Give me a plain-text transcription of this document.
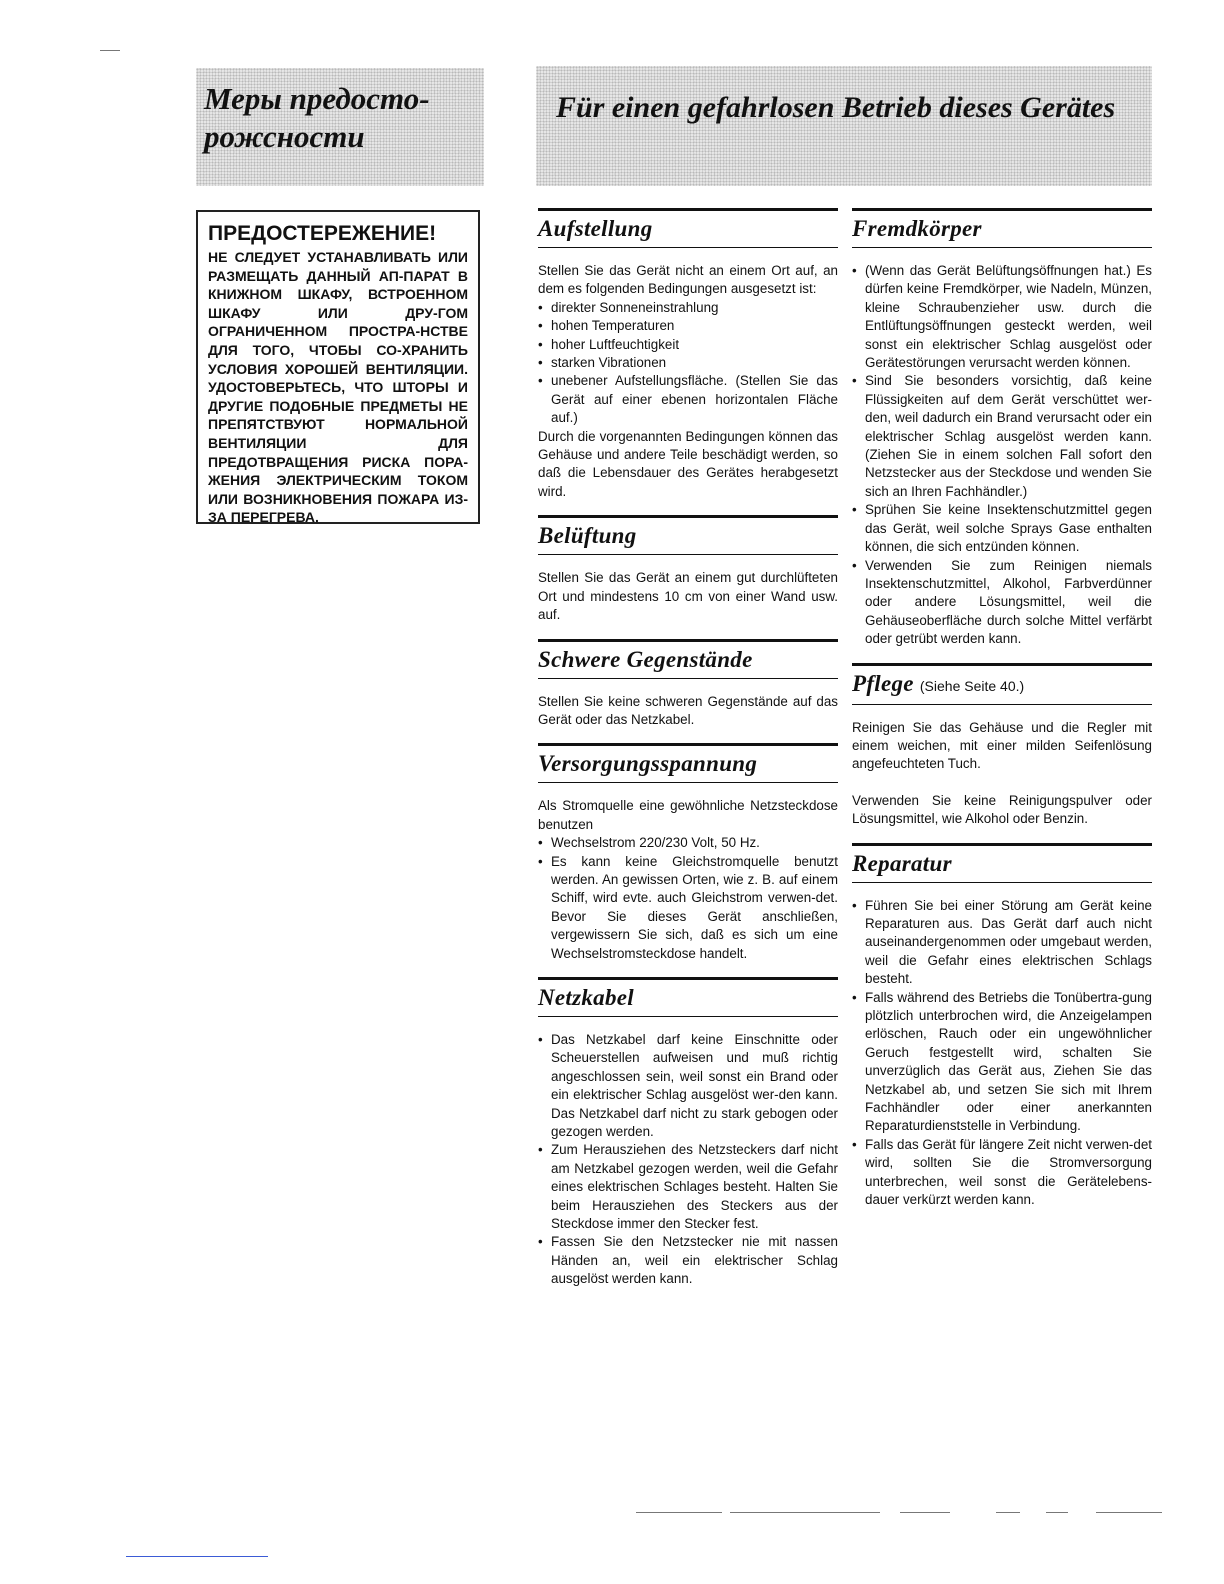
Меры предосто-рожсности
Für einen gefahrlosen Betrieb dieses Gerätes
ПРЕДОСТЕРЕЖЕНИЕ!

НЕ СЛЕДУЕТ УСТАНАВЛИВАТЬ ИЛИ РАЗМЕЩАТЬ ДАННЫЙ АП-ПАРАТ В КНИЖНОМ ШКАФУ, ВСТРОЕННОМ ШКАФУ ИЛИ ДРУ-ГОМ ОГРАНИЧЕННОМ ПРОСТРА-НСТВЕ ДЛЯ ТОГО, ЧТОБЫ СО-ХРАНИТЬ УСЛОВИЯ ХОРОШЕЙ ВЕНТИЛЯЦИИ. УДОСТОВЕРЬТЕСЬ, ЧТО ШТОРЫ И ДРУГИЕ ПОДОБНЫЕ ПРЕДМЕТЫ НЕ ПРЕПЯТСТВУЮТ НОРМАЛЬНОЙ ВЕНТИЛЯЦИИ ДЛЯ ПРЕДОТВРАЩЕНИЯ РИСКА ПОРА-ЖЕНИЯ ЭЛЕКТРИЧЕСКИМ ТОКОМ ИЛИ ВОЗНИКНОВЕНИЯ ПОЖАРА ИЗ-ЗА ПЕРЕГРЕВА.

Aufstellung

Stellen Sie das Gerät nicht an einem Ort auf, an dem es folgenden Bedingungen ausgesetzt ist:

• direkter Sonneneinstrahlung
• hohen Temperaturen
• hoher Luftfeuchtigkeit
• starken Vibrationen
• unebener Aufstellungsfläche. (Stellen Sie das Gerät auf einer ebenen horizontalen Fläche auf.)

Durch die vorgenannten Bedingungen können das Gehäuse und andere Teile beschädigt werden, so daß die Lebensdauer des Gerätes herabgesetzt wird.

Belüftung

Stellen Sie das Gerät an einem gut durchlüfteten Ort und mindestens 10 cm von einer Wand usw. auf.

Schwere Gegenstände

Stellen Sie keine schweren Gegenstände auf das Gerät oder das Netzkabel.

Versorgungsspannung

Als Stromquelle eine gewöhnliche Netzsteckdose benutzen

• Wechselstrom 220/230 Volt, 50 Hz.
• Es kann keine Gleichstromquelle benutzt werden. An gewissen Orten, wie z. B. auf einem Schiff, wird evte. auch Gleichstrom verwen-det. Bevor Sie dieses Gerät anschließen, vergewissern Sie sich, daß es sich um eine Wechselstromsteckdose handelt.
Netzkabel
• Das Netzkabel darf keine Einschnitte oder Scheuerstellen aufweisen und muß richtig angeschlossen sein, weil sonst ein Brand oder ein elektrischer Schlag ausgelöst wer-den kann. Das Netzkabel darf nicht zu stark gebogen oder gezogen werden.
• Zum Herausziehen des Netzsteckers darf nicht am Netzkabel gezogen werden, weil die Gefahr eines elektrischen Schlages besteht. Halten Sie beim Herausziehen des Steckers aus der Steckdose immer den Stecker fest.
• Fassen Sie den Netzstecker nie mit nassen Händen an, weil ein elektrischer Schlag ausgelöst werden kann.
Fremdkörper
• (Wenn das Gerät Belüftungsöffnungen hat.) Es dürfen keine Fremdkörper, wie Nadeln, Münzen, kleine Schraubenzieher usw. durch die Entlüftungsöffnungen gesteckt werden, weil sonst ein elektrischer Schlag ausgelöst oder Gerätestörungen verursacht werden können.
• Sind Sie besonders vorsichtig, daß keine Flüssigkeiten auf dem Gerät verschüttet wer-den, weil dadurch ein Brand verursacht oder ein elektrischer Schlag ausgelöst werden kann. (Ziehen Sie in einem solchen Fall sofort den Netzstecker aus der Steckdose und wenden Sie sich an Ihren Fachhändler.)
• Sprühen Sie keine Insektenschutzmittel gegen das Gerät, weil solche Sprays Gase enthalten können, die sich entzünden können.
• Verwenden Sie zum Reinigen niemals Insektenschutzmittel, Alkohol, Farbverdünner oder andere Lösungsmittel, weil die Gehäuseoberfläche durch solche Mittel verfärbt oder getrübt werden kann.
Pflege (Siehe Seite 40.)

Reinigen Sie das Gehäuse und die Regler mit einem weichen, mit einer milden Seifenlösung angefeuchteten Tuch.

Verwenden Sie keine Reinigungspulver oder Lösungsmittel, wie Alkohol oder Benzin.

Reparatur
• Führen Sie bei einer Störung am Gerät keine Reparaturen aus. Das Gerät darf auch nicht auseinandergenommen oder umgebaut werden, weil die Gefahr eines elektrischen Schlags besteht.
• Falls während des Betriebs die Tonübertra-gung plötzlich unterbrochen wird, die Anzeigelampen erlöschen, Rauch oder ein ungewöhnlicher Geruch festgestellt wird, schalten Sie unverzüglich das Gerät aus, Ziehen Sie das Netzkabel ab, und setzen Sie sich mit Ihrem Fachhändler oder einer anerkannten Reparaturdienststelle in Verbindung.
• Falls das Gerät für längere Zeit nicht verwen-det wird, sollten Sie die Stromversorgung unterbrechen, weil sonst die Gerätelebens-dauer verkürzt werden kann.
